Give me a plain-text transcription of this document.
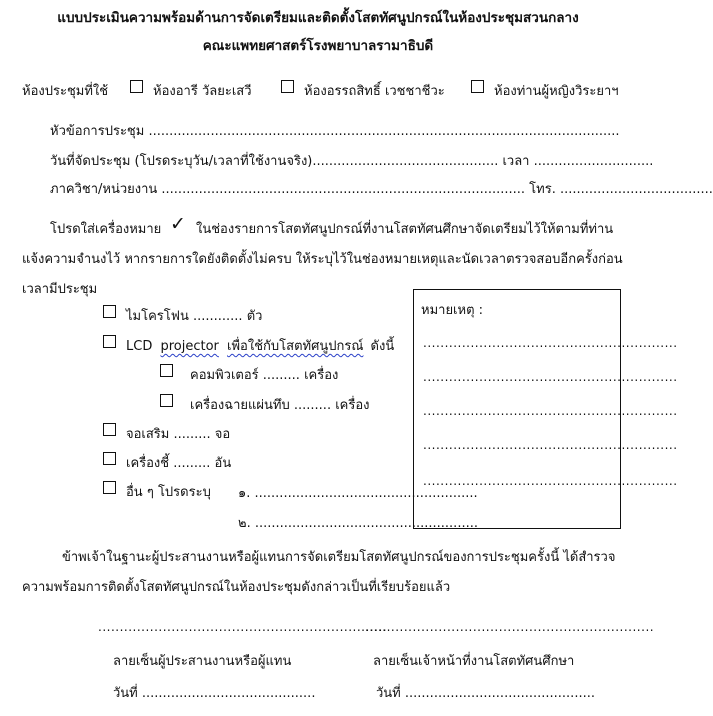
แบบประเมินความพร้อมด้านการจัดเตรียมและติดตั้งโสตทัศนูปกรณ์ในห้องประชุมสวนกลาง
คณะแพทยศาสตร์โรงพยาบาลรามาธิบดี
ห้องประชุมที่ใช้	ห้องอารี วัลยะเสวี	ห้องอรรถสิทธิ์ เวชชาชีวะ	ห้องท่านผู้หญิงวิระยาฯ
หัวข้อการประชุม ..................................................................................................................
วันที่จัดประชุม (โปรดระบุวัน/เวลาที่ใช้งานจริง)............................................. เวลา .............................
ภาควิชา/หน่วยงาน ........................................................................................ โทร. .....................................
โปรดใส่เครื่องหมาย ✓ ในช่องรายการโสตทัศนูปกรณ์ที่งานโสตทัศนศึกษาจัดเตรียมไว้ให้ตามที่ท่าน
แจ้งความจำนงไว้ หากรายการใดยังติดตั้งไม่ครบ ให้ระบุไว้ในช่องหมายเหตุและนัดเวลาตรวจสอบอีกครั้งก่อน
เวลามีประชุม
ไมโครโฟน ............ ตัว
LCD projector เพื่อใช้กับโสตทัศนูปกรณ์ ดังนี้
คอมพิวเตอร์ ......... เครื่อง
เครื่องฉายแผ่นทึบ ......... เครื่อง
จอเสริม ......... จอ
เครื่องชี้ ......... อัน
อื่น ๆ โปรดระบุ ๑. ......................................................
๒. ......................................................
หมายเหตุ :
...........................................................
...........................................................
...........................................................
...........................................................
...........................................................
ข้าพเจ้าในฐานะผู้ประสานงานหรือผู้แทนการจัดเตรียมโสตทัศนูปกรณ์ของการประชุมครั้งนี้ ได้สำรวจ
ความพร้อมการติดตั้งโสตทัศนูปกรณ์ในห้องประชุมดังกล่าวเป็นที่เรียบร้อยแล้ว
...................................................................
ลายเซ็นผู้ประสานงานหรือผู้แทน
วันที่ ..........................................
...................................................................
ลายเซ็นเจ้าหน้าที่งานโสตทัศนศึกษา
วันที่ ..............................................
